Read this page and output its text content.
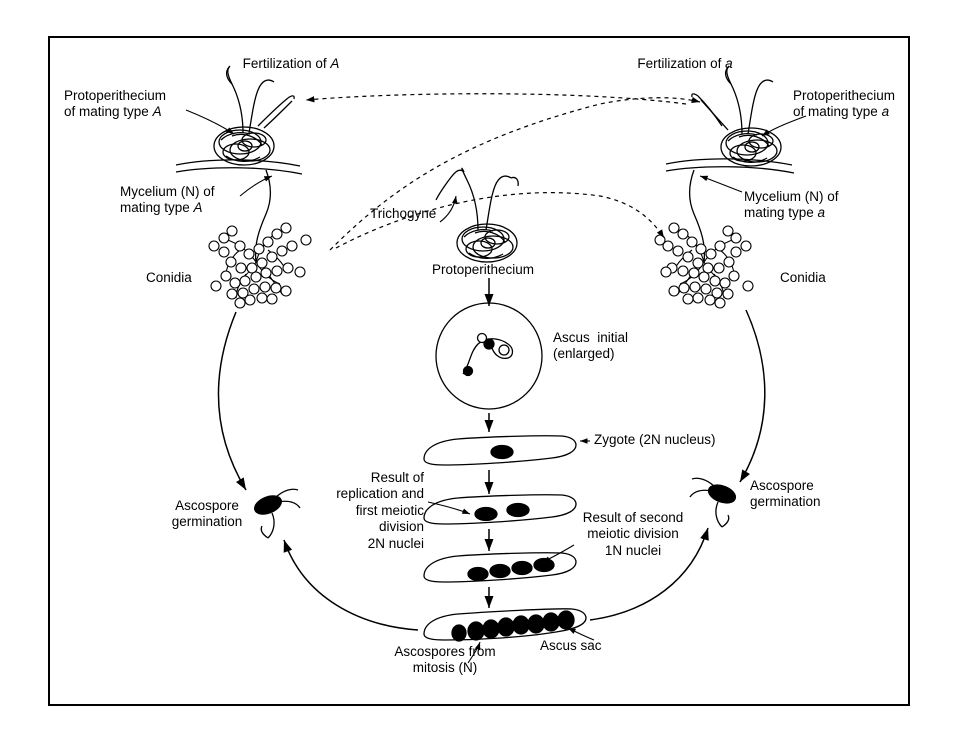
Fertilization of A	Fertilization of a
Protoperithecium
of mating type A
Protoperithecium
of mating type a
Mycelium (N) of
mating type A
Mycelium (N) of
mating type a
Conidia	Conidia
Trichogyne
Protoperithecium
Ascus  initial
(enlarged)
Zygote (2N nucleus)
Result of
replication and
first meiotic
division
2N nuclei
Result of second
meiotic division
1N nuclei
Ascospores from
mitosis (N)
Ascus sac
Ascospore
germination
Ascospore
germination
